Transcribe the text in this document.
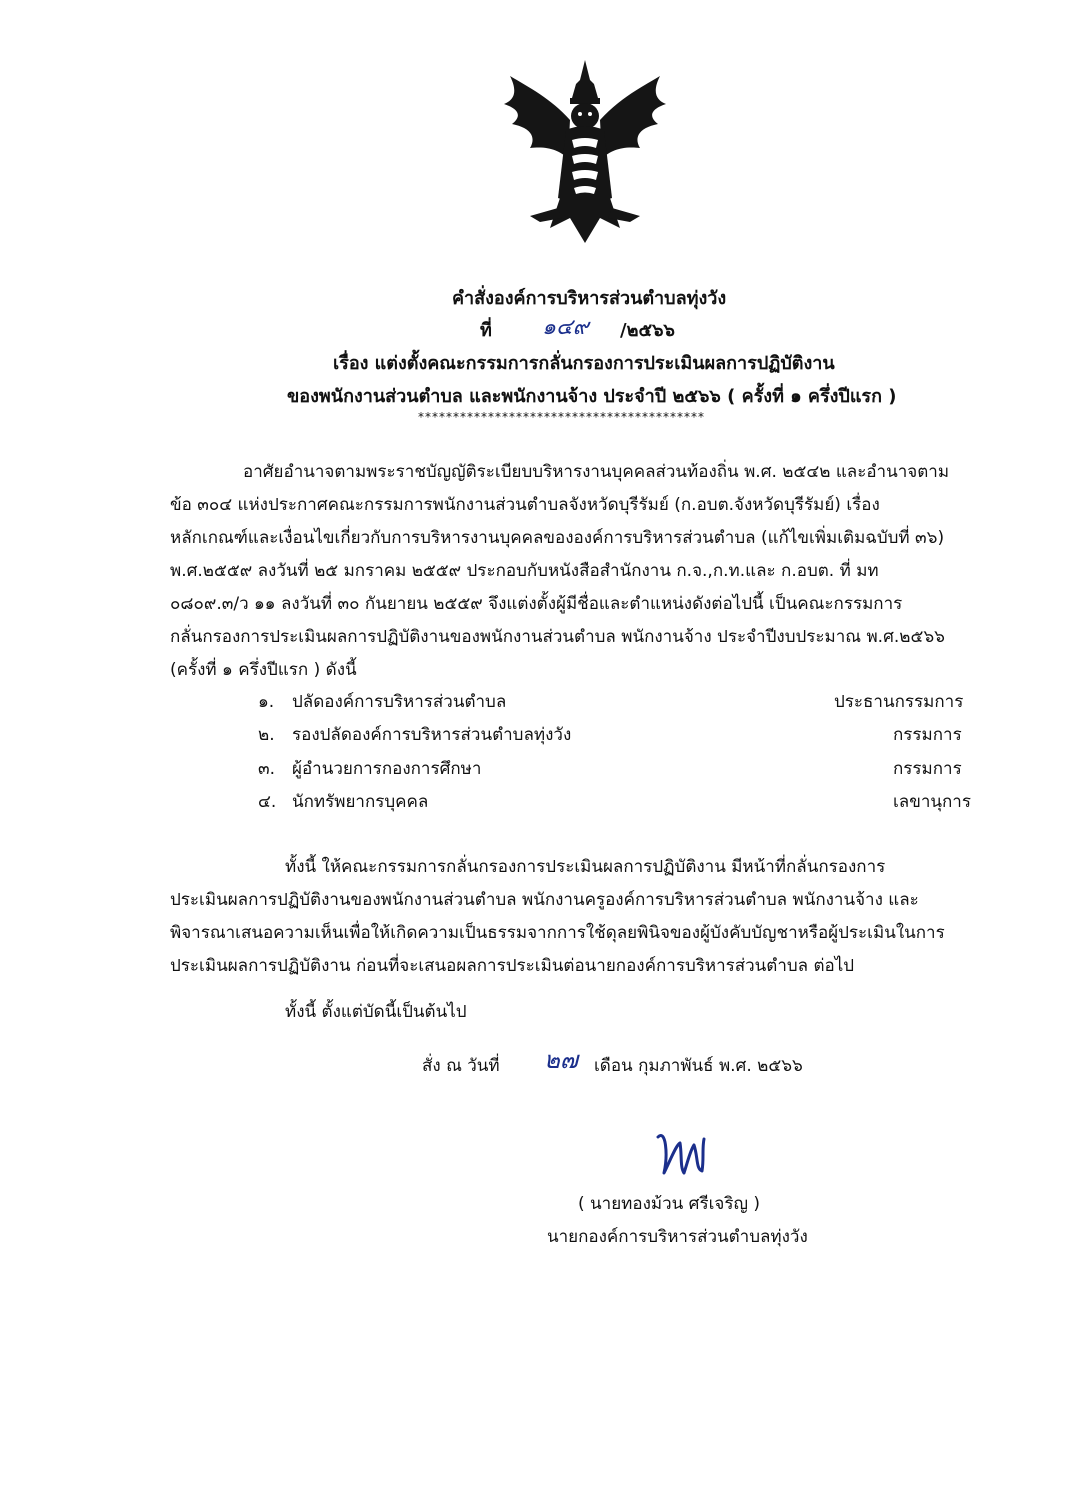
คำสั่งองค์การบริหารส่วนตำบลทุ่งวัง
ที่ ๑๔๙ /๒๕๖๖
เรื่อง แต่งตั้งคณะกรรมการกลั่นกรองการประเมินผลการปฏิบัติงาน
ของพนักงานส่วนตำบล และพนักงานจ้าง ประจำปี ๒๕๖๖ ( ครั้งที่ ๑ ครึ่งปีแรก )
*****************************************
อาศัยอำนาจตามพระราชบัญญัติระเบียบบริหารงานบุคคลส่วนท้องถิ่น พ.ศ. ๒๕๔๒ และอำนาจตาม
ข้อ ๓๐๔ แห่งประกาศคณะกรรมการพนักงานส่วนตำบลจังหวัดบุรีรัมย์ (ก.อบต.จังหวัดบุรีรัมย์) เรื่อง
หลักเกณฑ์และเงื่อนไขเกี่ยวกับการบริหารงานบุคคลขององค์การบริหารส่วนตำบล (แก้ไขเพิ่มเติมฉบับที่ ๓๖)
พ.ศ.๒๕๕๙ ลงวันที่ ๒๕ มกราคม ๒๕๕๙ ประกอบกับหนังสือสำนักงาน ก.จ.,ก.ท.และ ก.อบต. ที่ มท
๐๘๐๙.๓/ว ๑๑ ลงวันที่ ๓๐ กันยายน ๒๕๕๙ จึงแต่งตั้งผู้มีชื่อและตำแหน่งดังต่อไปนี้ เป็นคณะกรรมการ
กลั่นกรองการประเมินผลการปฏิบัติงานของพนักงานส่วนตำบล พนักงานจ้าง ประจำปีงบประมาณ พ.ศ.๒๕๖๖
(ครั้งที่ ๑ ครึ่งปีแรก ) ดังนี้
๑. ปลัดองค์การบริหารส่วนตำบล	ประธานกรรมการ
๒. รองปลัดองค์การบริหารส่วนตำบลทุ่งวัง	กรรมการ
๓. ผู้อำนวยการกองการศึกษา	กรรมการ
๔. นักทรัพยากรบุคคล	เลขานุการ
ทั้งนี้ ให้คณะกรรมการกลั่นกรองการประเมินผลการปฏิบัติงาน มีหน้าที่กลั่นกรองการ
ประเมินผลการปฏิบัติงานของพนักงานส่วนตำบล พนักงานครูองค์การบริหารส่วนตำบล พนักงานจ้าง และ
พิจารณาเสนอความเห็นเพื่อให้เกิดความเป็นธรรมจากการใช้ดุลยพินิจของผู้บังคับบัญชาหรือผู้ประเมินในการ
ประเมินผลการปฏิบัติงาน ก่อนที่จะเสนอผลการประเมินต่อนายกองค์การบริหารส่วนตำบล ต่อไป
ทั้งนี้ ตั้งแต่บัดนี้เป็นต้นไป
สั่ง ณ วันที่ ๒๗ เดือน กุมภาพันธ์ พ.ศ. ๒๕๖๖
( นายทองม้วน ศรีเจริญ )
นายกองค์การบริหารส่วนตำบลทุ่งวัง
